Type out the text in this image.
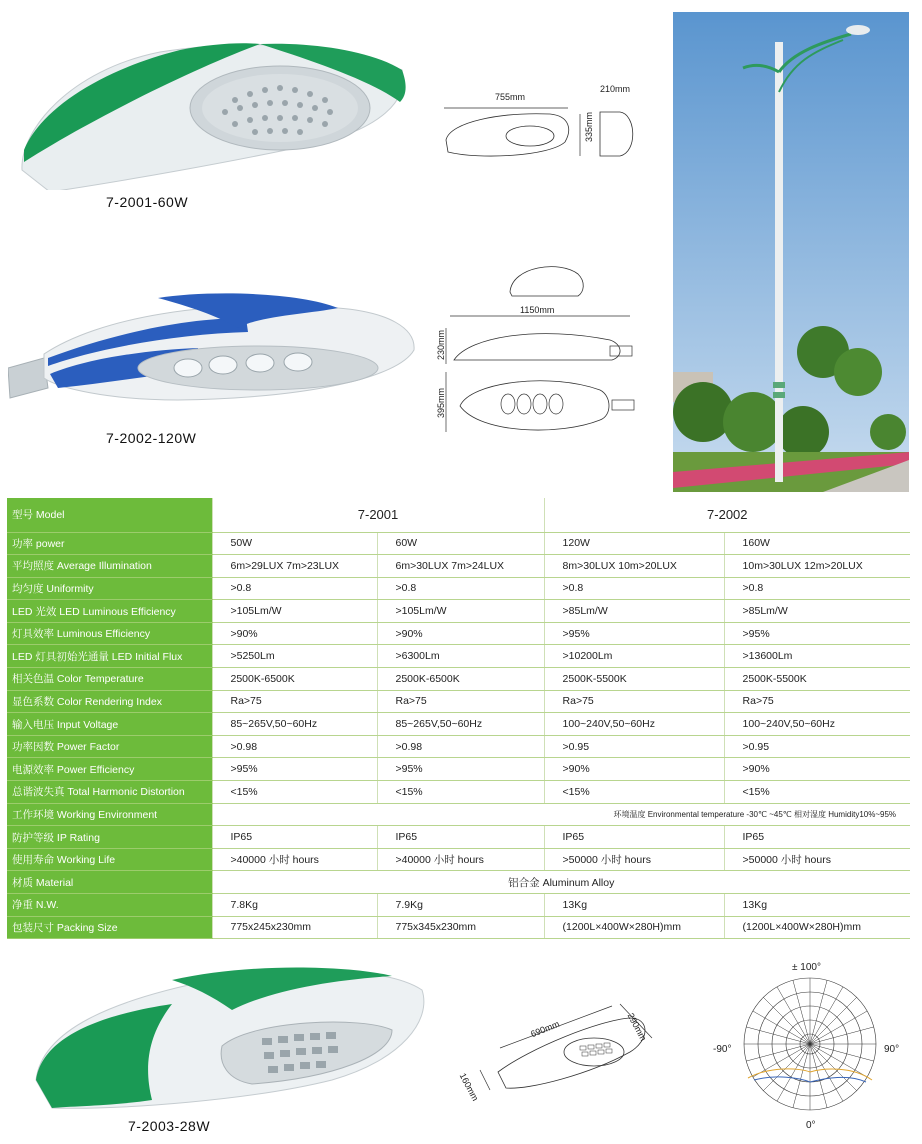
7-2001-60W
755mm
335mm
210mm
7-2002-120W
1150mm
230mm
395mm
型号 Model	7-2001		7-2002	
功率 power	50W	60W	120W	160W
平均照度 Average Illumination	6m>29LUX 7m>23LUX	6m>30LUX 7m>24LUX	8m>30LUX 10m>20LUX	10m>30LUX 12m>20LUX
均匀度 Uniformity	>0.8	>0.8	>0.8	>0.8
LED 光效 LED Luminous Efficiency	>105Lm/W	>105Lm/W	>85Lm/W	>85Lm/W
灯具效率 Luminous Efficiency	>90%	>90%	>95%	>95%
LED 灯具初始光通量 LED Initial Flux	>5250Lm	>6300Lm	>10200Lm	>13600Lm
相关色温 Color Temperature	2500K-6500K	2500K-6500K	2500K-5500K	2500K-5500K
显色系数 Color Rendering Index	Ra>75	Ra>75	Ra>75	Ra>75
输入电压 Input Voltage	85~265V,50~60Hz	85~265V,50~60Hz	100~240V,50~60Hz	100~240V,50~60Hz
功率因数 Power Factor	>0.98	>0.98	>0.95	>0.95
电源效率 Power Efficiency	>95%	>95%	>90%	>90%
总谐波失真 Total Harmonic Distortion	<15%	<15%	<15%	<15%
工作环境 Working Environment	环境温度 Environmental temperature -30℃ ~45℃ 相对湿度 Humidity10%~95%			
防护等级 IP Rating	IP65	IP65	IP65	IP65
使用寿命 Working Life	>40000 小时 hours	>40000 小时 hours	>50000 小时 hours	>50000 小时 hours
材质 Material	铝合金 Aluminum Alloy			
净重 N.W.	7.8Kg	7.9Kg	13Kg	13Kg
包装尺寸 Packing Size	775x245x230mm	775x345x230mm	(1200L×400W×280H)mm	(1200L×400W×280H)mm
7-2003-28W
690mm	290mm
160mm
± 100°
-90°	90°
0°
